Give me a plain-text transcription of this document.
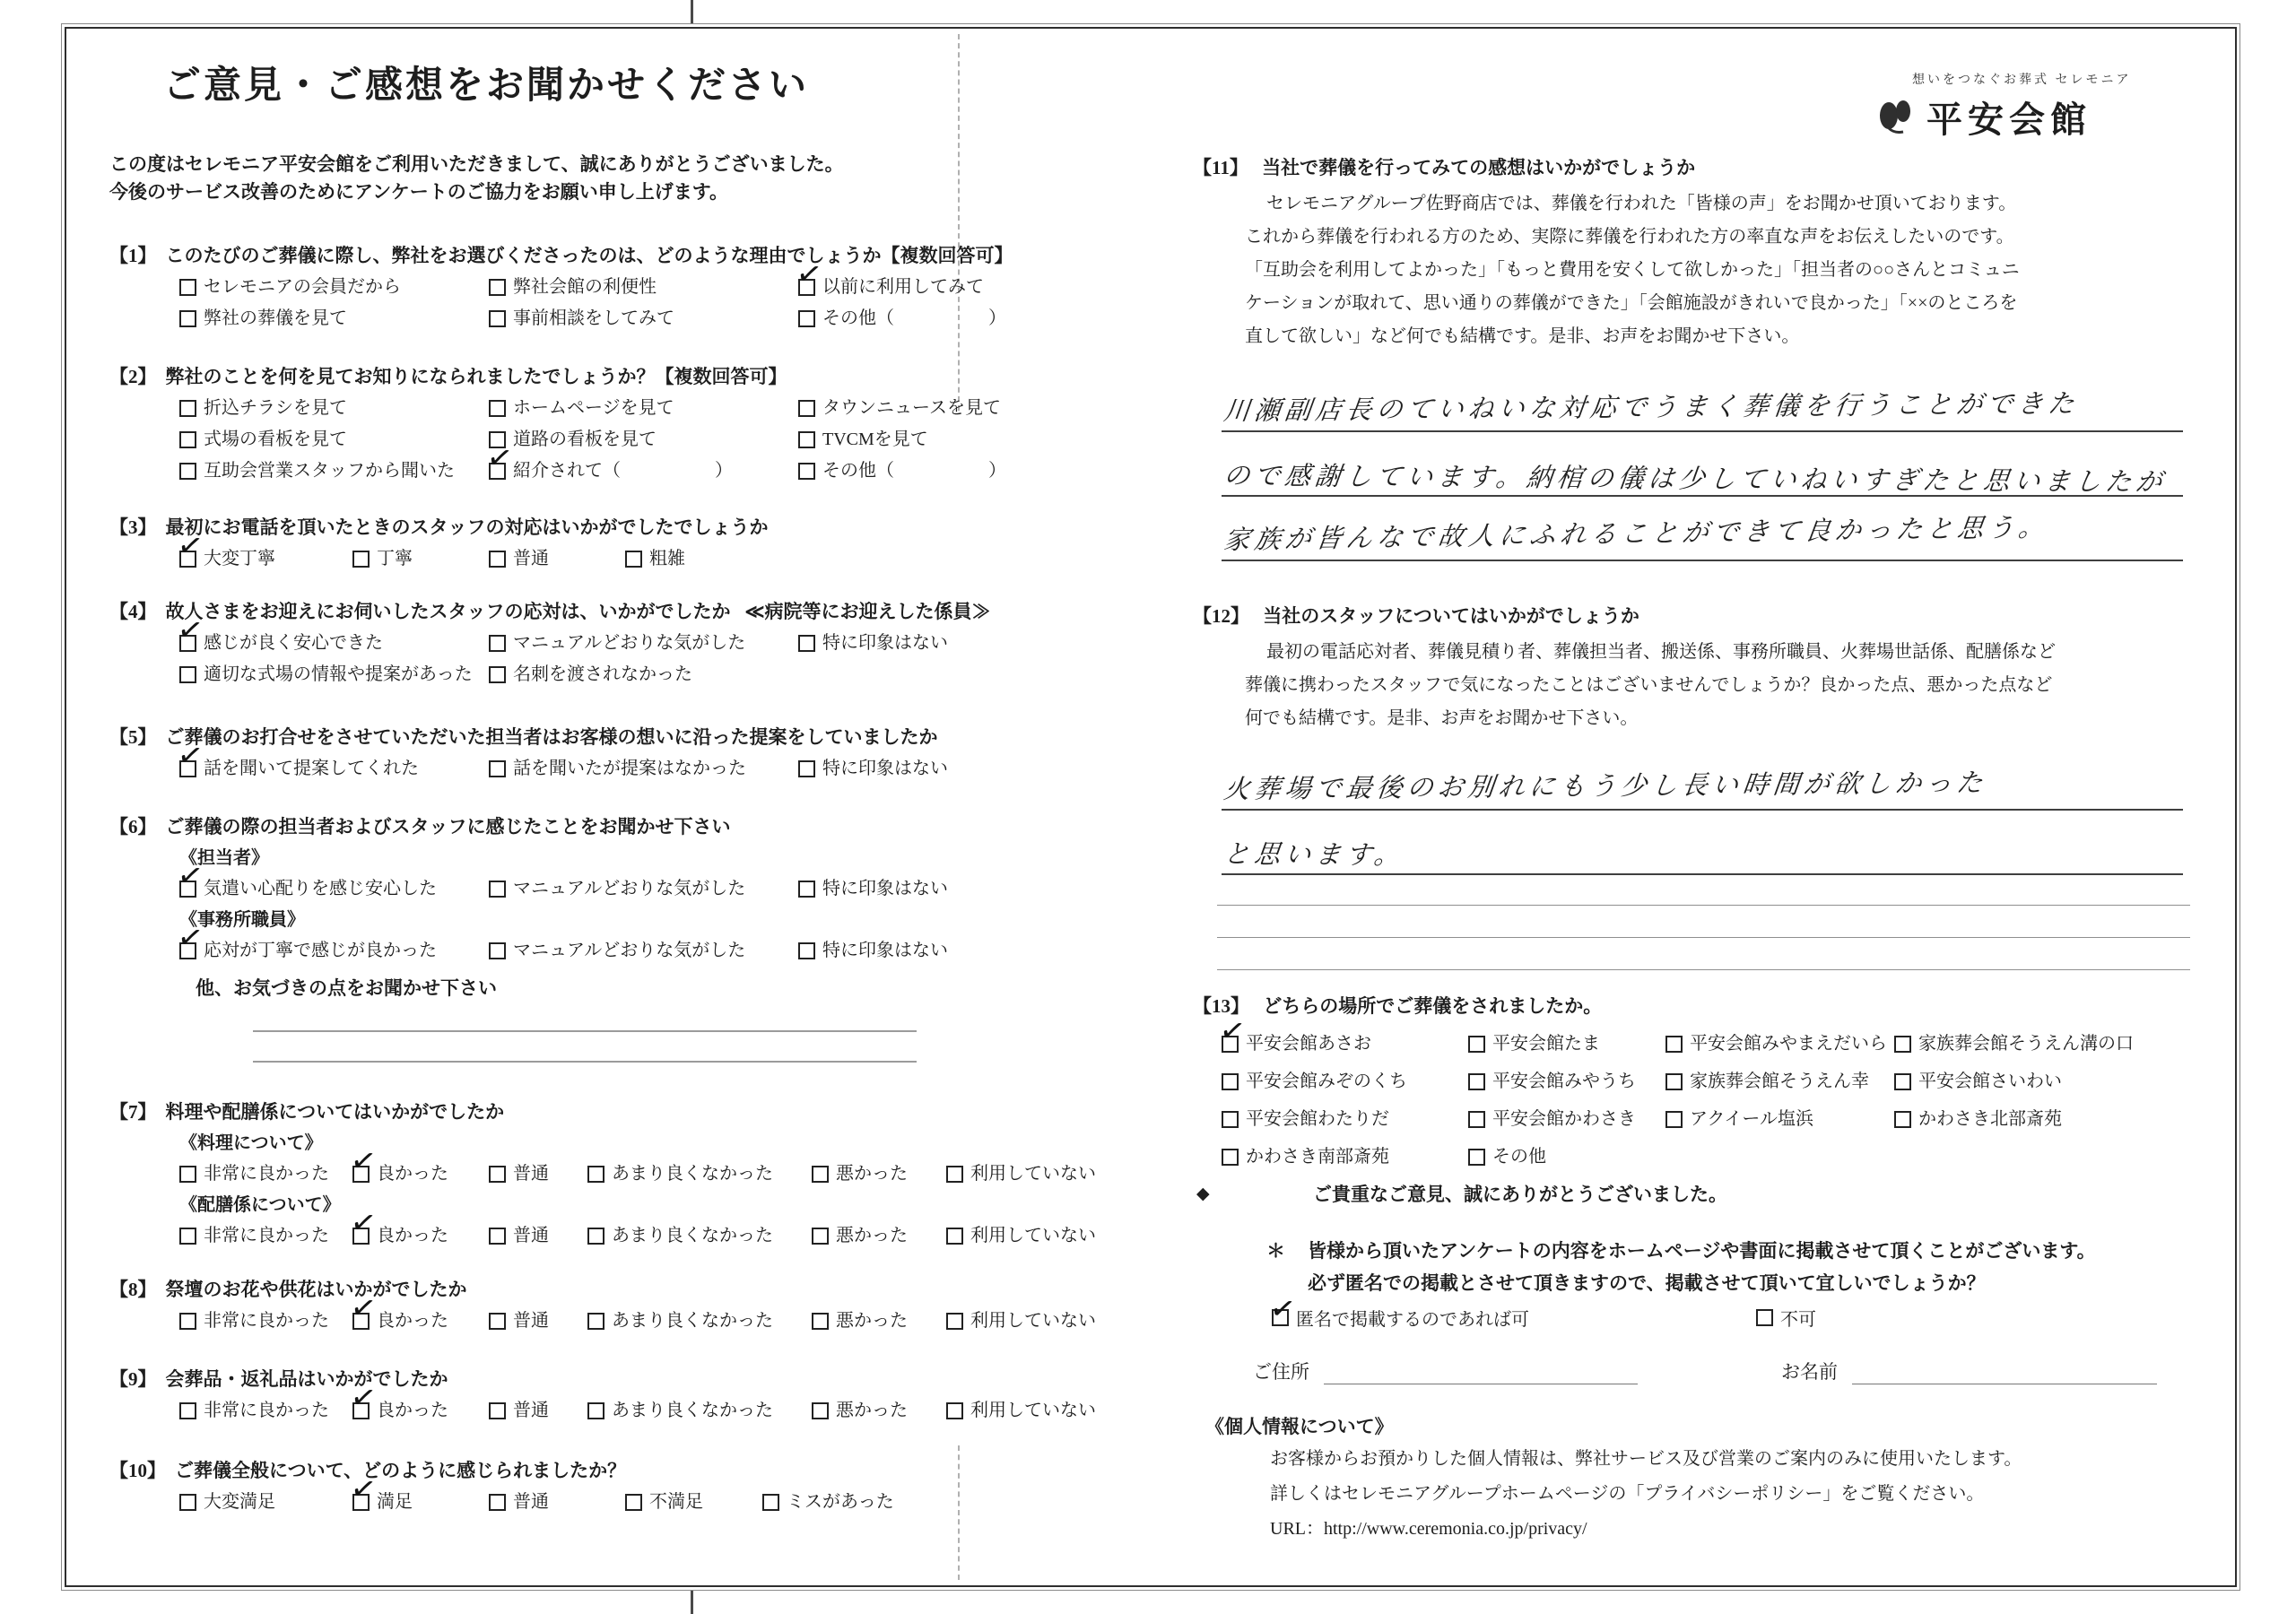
想いをつなぐお葬式 セレモニア
平安会館
ご意見・ご感想をお聞かせください

この度はセレモニア平安会館をご利用いただきまして、誠にありがとうございました。
今後のサービス改善のためにアンケートのご協力をお願い申し上げます。

【1】 このたびのご葬儀に際し、弊社をお選びくださったのは、どのような理由でしょうか【複数回答可】
セレモニアの会員だから	弊社会館の利便性 ✓	以前に利用してみて
弊社の葬儀を見て	事前相談をしてみて	その他（	）
【2】 弊社のことを何を見てお知りになられましたでしょうか？【複数回答可】
折込チラシを見て	ホームページを見て	タウンニュースを見て
式場の看板を見て	道路の看板を見て	TVCMを見て
互助会営業スタッフから聞いた ✓	紹介されて（	）	その他（	）
【3】 最初にお電話を頂いたときのスタッフの対応はいかがでしたでしょうか
✓
大変丁寧	丁寧	普通	粗雑
【4】 故人さまをお迎えにお伺いしたスタッフの応対は、いかがでしたか ≪病院等にお迎えした係員≫
✓
感じが良く安心できた	マニュアルどおりな気がした	特に印象はない
適切な式場の情報や提案があった 名刺を渡されなかった
【5】 ご葬儀のお打合せをさせていただいた担当者はお客様の想いに沿った提案をしていましたか
✓
話を聞いて提案してくれた	話を聞いたが提案はなかった	特に印象はない
【6】 ご葬儀の際の担当者およびスタッフに感じたことをお聞かせ下さい
《担当者》
✓
気遣い心配りを感じ安心した	マニュアルどおりな気がした	特に印象はない
《事務所職員》
✓
応対が丁寧で感じが良かった	マニュアルどおりな気がした	特に印象はない
他、お気づきの点をお聞かせ下さい
【7】 料理や配膳係についてはいかがでしたか
《料理について》
非常に良かった ✓	良かった	普通	あまり良くなかった	悪かった	利用していない
《配膳係について》
非常に良かった ✓	良かった	普通	あまり良くなかった	悪かった	利用していない
【8】 祭壇のお花や供花はいかがでしたか
非常に良かった ✓	良かった	普通	あまり良くなかった	悪かった	利用していない
【9】 会葬品・返礼品はいかがでしたか
非常に良かった ✓	良かった	普通	あまり良くなかった	悪かった	利用していない
【10】 ご葬儀全般について、どのように感じられましたか？
大変満足 ✓	満足	普通	不満足	ミスがあった
【11】 当社で葬儀を行ってみての感想はいかがでしょうか
セレモニアグループ佐野商店では、葬儀を行われた「皆様の声」をお聞かせ頂いております。
これから葬儀を行われる方のため、実際に葬儀を行われた方の率直な声をお伝えしたいのです。
「互助会を利用してよかった」「もっと費用を安くして欲しかった」「担当者の○○さんとコミュニ
ケーションが取れて、思い通りの葬儀ができた」「会館施設がきれいで良かった」「××のところを
直して欲しい」など何でも結構です。是非、お声をお聞かせ下さい。
川瀬副店長のていねいな対応でうまく葬儀を行うことができた
ので感謝しています。納棺の儀は少していねいすぎたと思いましたが
家族が皆んなで故人にふれることができて良かったと思う。
【12】 当社のスタッフについてはいかがでしょうか
最初の電話応対者、葬儀見積り者、葬儀担当者、搬送係、事務所職員、火葬場世話係、配膳係など
葬儀に携わったスタッフで気になったことはございませんでしょうか？良かった点、悪かった点など
何でも結構です。是非、お声をお聞かせ下さい。
火葬場で最後のお別れにもう少し長い時間が欲しかった
と思います。
【13】 どちらの場所でご葬儀をされましたか。
✓
平安会館あさお	平安会館たま	平安会館みやまえだいら 家族葬会館そうえん溝の口
平安会館みぞのくち	平安会館みやうち	家族葬会館そうえん幸	平安会館さいわい
平安会館わたりだ	平安会館かわさき	アクイール塩浜	かわさき北部斎苑
かわさき南部斎苑	その他
◆	ご貴重なご意見、誠にありがとうございました。
＊	皆様から頂いたアンケートの内容をホームページや書面に掲載させて頂くことがございます。
必ず匿名での掲載とさせて頂きますので、掲載させて頂いて宜しいでしょうか？
✓
匿名で掲載するのであれば可	不可
ご住所	お名前
《個人情報について》
お客様からお預かりした個人情報は、弊社サービス及び営業のご案内のみに使用いたします。
詳しくはセレモニアグループホームページの「プライバシーポリシー」をご覧ください。
URL：http://www.ceremonia.co.jp/privacy/
